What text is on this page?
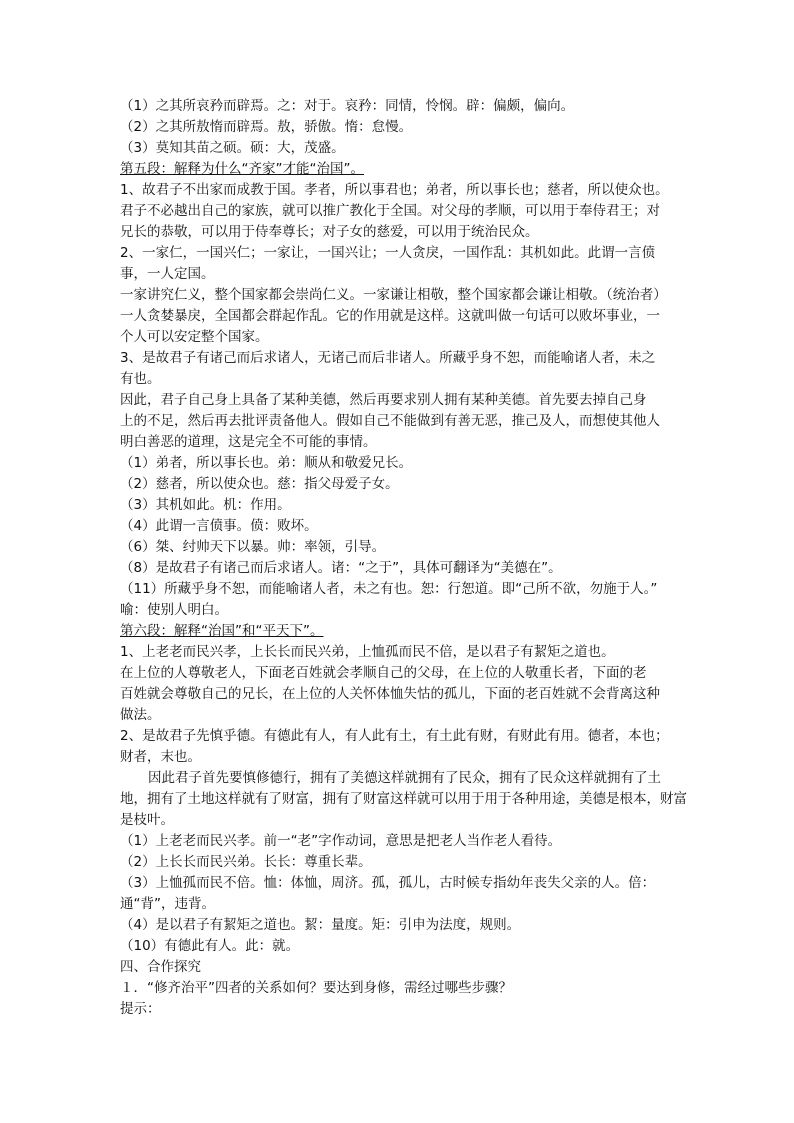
（1）之其所哀矜而辟焉。之：对于。哀矜：同情，怜悯。辟：偏颇，偏向。
（2）之其所敖惰而辟焉。敖，骄傲。惰：怠慢。
（3）莫知其苗之硕。硕：大，茂盛。
第五段：解释为什么“齐家”才能“治国”。
1、故君子不出家而成教于国。孝者，所以事君也；弟者，所以事长也；慈者，所以使众也。
君子不必越出自己的家族，就可以推广教化于全国。对父母的孝顺，可以用于奉侍君王；对
兄长的恭敬，可以用于侍奉尊长；对子女的慈爱，可以用于统治民众。
2、一家仁，一国兴仁；一家让，一国兴让；一人贪戾，一国作乱：其机如此。此谓一言偾
事，一人定国。
一家讲究仁义，整个国家都会崇尚仁义。一家谦让相敬，整个国家都会谦让相敬。（统治者）
一人贪婪暴戾，全国都会群起作乱。它的作用就是这样。这就叫做一句话可以败坏事业，一
个人可以安定整个国家。
3、是故君子有诸己而后求诸人，无诸己而后非诸人。所藏乎身不恕，而能喻诸人者，未之
有也。
因此，君子自己身上具备了某种美德，然后再要求别人拥有某种美德。首先要去掉自己身
上的不足，然后再去批评责备他人。假如自己不能做到有善无恶，推己及人，而想使其他人
明白善恶的道理，这是完全不可能的事情。
（1）弟者，所以事长也。弟：顺从和敬爱兄长。
（2）慈者，所以使众也。慈：指父母爱子女。
（3）其机如此。机：作用。
（4）此谓一言偾事。偾：败坏。
（6）桀、纣帅天下以暴。帅：率领，引导。
（8）是故君子有诸己而后求诸人。诸：“之于”，具体可翻译为“美德在”。
（11）所藏乎身不恕，而能喻诸人者，未之有也。恕：行恕道。即“己所不欲，勿施于人。”
喻：使别人明白。
第六段：解释“治国”和“平天下”。
1、上老老而民兴孝，上长长而民兴弟，上恤孤而民不倍，是以君子有絜矩之道也。
在上位的人尊敬老人，下面老百姓就会孝顺自己的父母，在上位的人敬重长者，下面的老
百姓就会尊敬自己的兄长，在上位的人关怀体恤失怙的孤儿，下面的老百姓就不会背离这种
做法。
2、是故君子先慎乎德。有德此有人，有人此有土，有土此有财，有财此有用。德者，本也；
财者，末也。
因此君子首先要慎修德行，拥有了美德这样就拥有了民众，拥有了民众这样就拥有了土
地，拥有了土地这样就有了财富，拥有了财富这样就可以用于用于各种用途，美德是根本，财富
是枝叶。
（1）上老老而民兴孝。前一“老”字作动词，意思是把老人当作老人看待。
（2）上长长而民兴弟。长长：尊重长辈。
（3）上恤孤而民不倍。恤：体恤，周济。孤，孤儿，古时候专指幼年丧失父亲的人。倍：
通“背”，违背。
（4）是以君子有絜矩之道也。絜：量度。矩：引申为法度，规则。
（10）有德此有人。此：就。
四、合作探究
１．“修齐治平”四者的关系如何？要达到身修，需经过哪些步骤？
提示：
